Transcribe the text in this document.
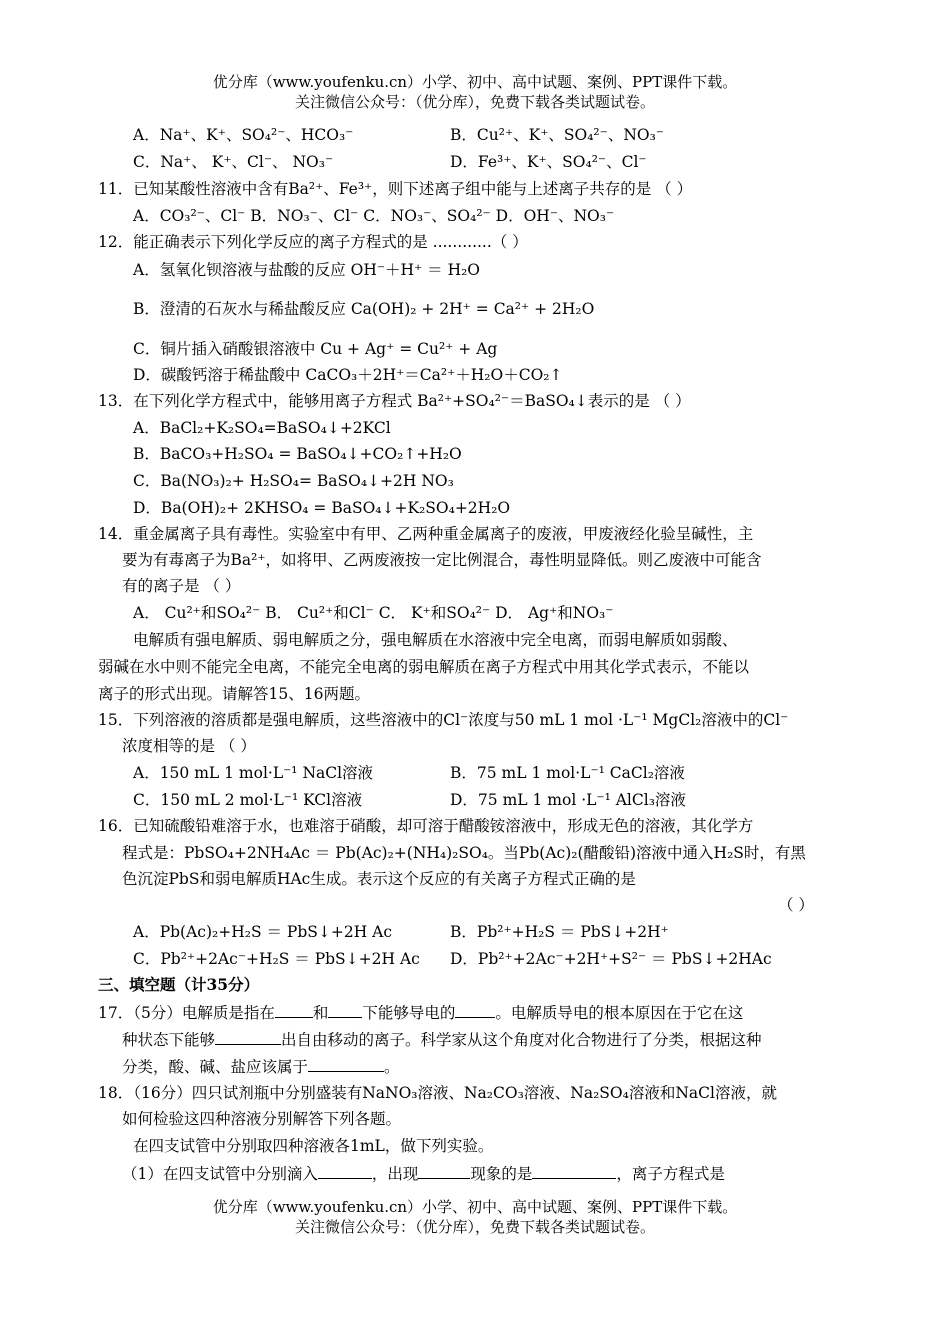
优分库（www.youfenku.cn）小学、初中、高中试题、案例、PPT课件下载。
关注微信公众号：（优分库），免费下载各类试题试卷。
A．Na⁺、K⁺、SO₄²⁻、HCO₃⁻	B．Cu²⁺、K⁺、SO₄²⁻、NO₃⁻
C．Na⁺、 K⁺、Cl⁻、 NO₃⁻	D．Fe³⁺、K⁺、SO₄²⁻、Cl⁻
11．已知某酸性溶液中含有Ba²⁺、Fe³⁺，则下述离子组中能与上述离子共存的是 （ ）
A．CO₃²⁻、Cl⁻ B．NO₃⁻、Cl⁻ C．NO₃⁻、SO₄²⁻ D．OH⁻、NO₃⁻
12．能正确表示下列化学反应的离子方程式的是 ............（ ）
A．氢氧化钡溶液与盐酸的反应 OH⁻＋H⁺ ＝ H₂O
B．澄清的石灰水与稀盐酸反应 Ca(OH)₂ + 2H⁺ = Ca²⁺ + 2H₂O
C．铜片插入硝酸银溶液中 Cu + Ag⁺ = Cu²⁺ + Ag
D．碳酸钙溶于稀盐酸中 CaCO₃＋2H⁺＝Ca²⁺＋H₂O＋CO₂↑
13．在下列化学方程式中，能够用离子方程式 Ba²⁺+SO₄²⁻＝BaSO₄↓表示的是 （ ）
A．BaCl₂+K₂SO₄=BaSO₄↓+2KCl
B．BaCO₃+H₂SO₄ = BaSO₄↓+CO₂↑+H₂O
C．Ba(NO₃)₂+ H₂SO₄= BaSO₄↓+2H NO₃
D．Ba(OH)₂+ 2KHSO₄ = BaSO₄↓+K₂SO₄+2H₂O
14．重金属离子具有毒性。实验室中有甲、乙两种重金属离子的废液，甲废液经化验呈碱性，主
要为有毒离子为Ba²⁺，如将甲、乙两废液按一定比例混合，毒性明显降低。则乙废液中可能含
有的离子是 （ ）
A． Cu²⁺和SO₄²⁻ B． Cu²⁺和Cl⁻ C． K⁺和SO₄²⁻ D． Ag⁺和NO₃⁻
电解质有强电解质、弱电解质之分，强电解质在水溶液中完全电离，而弱电解质如弱酸、
弱碱在水中则不能完全电离，不能完全电离的弱电解质在离子方程式中用其化学式表示，不能以
离子的形式出现。请解答15、16两题。
15．下列溶液的溶质都是强电解质，这些溶液中的Cl⁻浓度与50 mL 1 mol ·L⁻¹ MgCl₂溶液中的Cl⁻
浓度相等的是 （ ）
A．150 mL 1 mol·L⁻¹ NaCl溶液	B．75 mL 1 mol·L⁻¹ CaCl₂溶液
C．150 mL 2 mol·L⁻¹ KCl溶液	D．75 mL 1 mol ·L⁻¹ AlCl₃溶液
16．已知硫酸铅难溶于水，也难溶于硝酸，却可溶于醋酸铵溶液中，形成无色的溶液，其化学方
程式是：PbSO₄+2NH₄Ac ＝ Pb(Ac)₂+(NH₄)₂SO₄。当Pb(Ac)₂(醋酸铅)溶液中通入H₂S时，有黑
色沉淀PbS和弱电解质HAc生成。表示这个反应的有关离子方程式正确的是
（ ）
A．Pb(Ac)₂+H₂S ＝ PbS↓+2H Ac	B．Pb²⁺+H₂S ＝ PbS↓+2H⁺
C．Pb²⁺+2Ac⁻+H₂S ＝ PbS↓+2H Ac D．Pb²⁺+2Ac⁻+2H⁺+S²⁻ ＝ PbS↓+2HAc
三、填空题（计35分）
17．（5分）电解质是指在 和 下能够导电的	。电解质导电的根本原因在于它在这
种状态下能够	出自由移动的离子。科学家从这个角度对化合物进行了分类，根据这种
分类，酸、碱、盐应该属于	。
18．（16分）四只试剂瓶中分别盛装有NaNO₃溶液、Na₂CO₃溶液、Na₂SO₄溶液和NaCl溶液，就
如何检验这四种溶液分别解答下列各题。
在四支试管中分别取四种溶液各1mL，做下列实验。
（1）在四支试管中分别滴入	，出现	现象的是	，离子方程式是
优分库（www.youfenku.cn）小学、初中、高中试题、案例、PPT课件下载。
关注微信公众号：（优分库），免费下载各类试题试卷。
